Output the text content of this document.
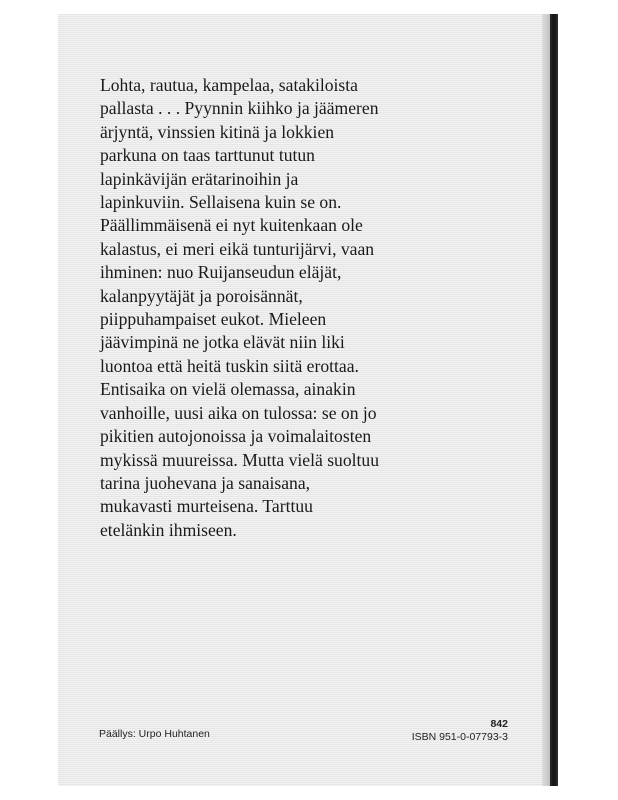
Lohta, rautua, kampelaa, satakiloista
pallasta . . . Pyynnin kiihko ja jäämeren
ärjyntä, vinssien kitinä ja lokkien
parkuna on taas tarttunut tutun
lapinkävijän erätarinoihin ja
lapinkuviin. Sellaisena kuin se on.
Päällimmäisenä ei nyt kuitenkaan ole
kalastus, ei meri eikä tunturijärvi, vaan
ihminen: nuo Ruijanseudun eläjät,
kalanpyytäjät ja poroisännät,
piippuhampaiset eukot. Mieleen
jäävimpinä ne jotka elävät niin liki
luontoa että heitä tuskin siitä erottaa.
Entisaika on vielä olemassa, ainakin
vanhoille, uusi aika on tulossa: se on jo
pikitien autojonoissa ja voimalaitosten
mykissä muureissa. Mutta vielä suoltuu
tarina juohevana ja sanaisana,
mukavasti murteisena. Tarttuu
etelänkin ihmiseen.

Päällys: Urpo Huhtanen
842
ISBN 951-0-07793-3
